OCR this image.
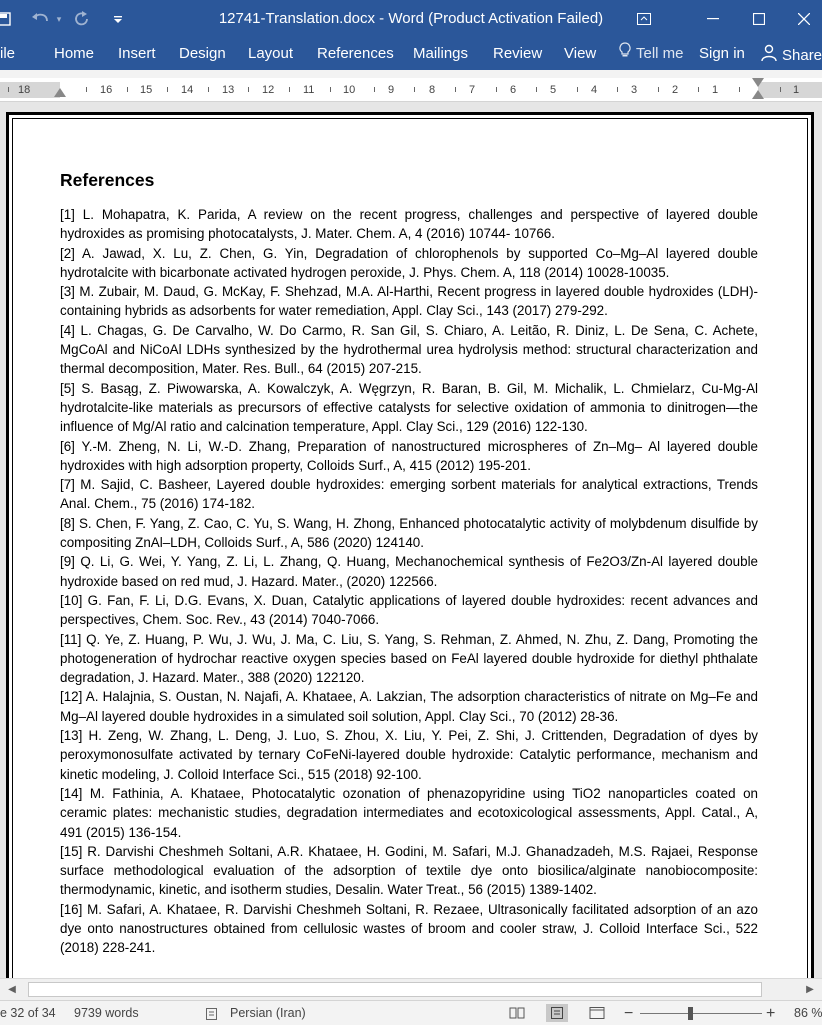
▾	12741-Translation.docx - Word (Product Activation Failed)
ile	Home Insert Design Layout References Mailings Review View	Tell me Sign in Share
18	16	15	14	13	12	11	10	9	8	7	6	5	4	3	2	1	1
References

[1] L. Mohapatra, K. Parida, A review on the recent progress, challenges and perspective of layered double hydroxides as promising photocatalysts, J. Mater. Chem. A, 4 (2016) 10744- 10766.

[2] A. Jawad, X. Lu, Z. Chen, G. Yin, Degradation of chlorophenols by supported Co–Mg–Al layered double hydrotalcite with bicarbonate activated hydrogen peroxide, J. Phys. Chem. A, 118 (2014) 10028-10035.

[3] M. Zubair, M. Daud, G. McKay, F. Shehzad, M.A. Al-Harthi, Recent progress in layered double hydroxides (LDH)-containing hybrids as adsorbents for water remediation, Appl. Clay Sci., 143 (2017) 279-292.

[4] L. Chagas, G. De Carvalho, W. Do Carmo, R. San Gil, S. Chiaro, A. Leitão, R. Diniz, L. De Sena, C. Achete, MgCoAl and NiCoAl LDHs synthesized by the hydrothermal urea hydrolysis method: structural characterization and thermal decomposition, Mater. Res. Bull., 64 (2015) 207-215.

[5] S. Basąg, Z. Piwowarska, A. Kowalczyk, A. Węgrzyn, R. Baran, B. Gil, M. Michalik, L. Chmielarz, Cu-Mg-Al hydrotalcite-like materials as precursors of effective catalysts for selective oxidation of ammonia to dinitrogen—the influence of Mg/Al ratio and calcination temperature, Appl. Clay Sci., 129 (2016) 122-130.

[6] Y.-M. Zheng, N. Li, W.-D. Zhang, Preparation of nanostructured microspheres of Zn–Mg– Al layered double hydroxides with high adsorption property, Colloids Surf., A, 415 (2012) 195-201.

[7] M. Sajid, C. Basheer, Layered double hydroxides: emerging sorbent materials for analytical extractions, Trends Anal. Chem., 75 (2016) 174-182.

[8] S. Chen, F. Yang, Z. Cao, C. Yu, S. Wang, H. Zhong, Enhanced photocatalytic activity of molybdenum disulfide by compositing ZnAl–LDH, Colloids Surf., A, 586 (2020) 124140.

[9] Q. Li, G. Wei, Y. Yang, Z. Li, L. Zhang, Q. Huang, Mechanochemical synthesis of Fe2O3/Zn-Al layered double hydroxide based on red mud, J. Hazard. Mater., (2020) 122566.

[10] G. Fan, F. Li, D.G. Evans, X. Duan, Catalytic applications of layered double hydroxides: recent advances and perspectives, Chem. Soc. Rev., 43 (2014) 7040-7066.

[11] Q. Ye, Z. Huang, P. Wu, J. Wu, J. Ma, C. Liu, S. Yang, S. Rehman, Z. Ahmed, N. Zhu, Z. Dang, Promoting the photogeneration of hydrochar reactive oxygen species based on FeAl layered double hydroxide for diethyl phthalate degradation, J. Hazard. Mater., 388 (2020) 122120.

[12] A. Halajnia, S. Oustan, N. Najafi, A. Khataee, A. Lakzian, The adsorption characteristics of nitrate on Mg–Fe and Mg–Al layered double hydroxides in a simulated soil solution, Appl. Clay Sci., 70 (2012) 28-36.

[13] H. Zeng, W. Zhang, L. Deng, J. Luo, S. Zhou, X. Liu, Y. Pei, Z. Shi, J. Crittenden, Degradation of dyes by peroxymonosulfate activated by ternary CoFeNi-layered double hydroxide: Catalytic performance, mechanism and kinetic modeling, J. Colloid Interface Sci., 515 (2018) 92-100.

[14] M. Fathinia, A. Khataee, Photocatalytic ozonation of phenazopyridine using TiO2 nanoparticles coated on ceramic plates: mechanistic studies, degradation intermediates and ecotoxicological assessments, Appl. Catal., A, 491 (2015) 136-154.

[15] R. Darvishi Cheshmeh Soltani, A.R. Khataee, H. Godini, M. Safari, M.J. Ghanadzadeh, M.S. Rajaei, Response surface methodological evaluation of the adsorption of textile dye onto biosilica/alginate nanobiocomposite: thermodynamic, kinetic, and isotherm studies, Desalin. Water Treat., 56 (2015) 1389-1402.

[16] M. Safari, A. Khataee, R. Darvishi Cheshmeh Soltani, R. Rezaee, Ultrasonically facilitated adsorption of an azo dye onto nanostructures obtained from cellulosic wastes of broom and cooler straw, J. Colloid Interface Sci., 522 (2018) 228-241.

◀	▶
e 32 of 34 9739 words	Persian (Iran)	−	+ 86 %
